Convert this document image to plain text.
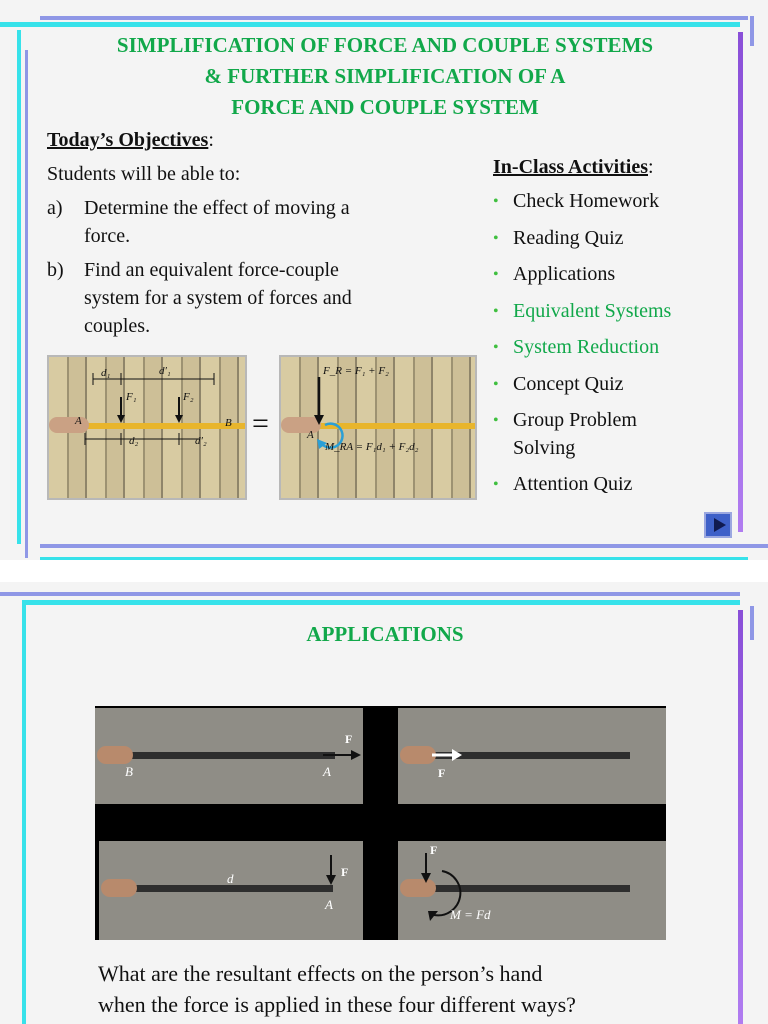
SIMPLIFICATION OF FORCE AND COUPLE SYSTEMS
& FURTHER SIMPLIFICATION OF A
FORCE AND COUPLE SYSTEM
Today’s Objectives:
Students will be able to:
a) Determine the effect of moving a
force.
b) Find an equivalent force-couple
system for a system of forces and
couples.
In-Class Activities:
• Check Homework
• Reading Quiz
• Applications
• Equivalent Systems
• System Reduction
• Concept Quiz
• Group Problem
Solving
• Attention Quiz
d₁	d′₁
F₁	F₂
A	B
d₂	d′₂
=
F_R = F₁ + F₂
A
M_RA = F₁d₁ + F₂d₂
APPLICATIONS
F
B	A	F
F
d
A
F
M = Fd
What are the resultant effects on the person’s hand
when the force is applied in these four different ways?
